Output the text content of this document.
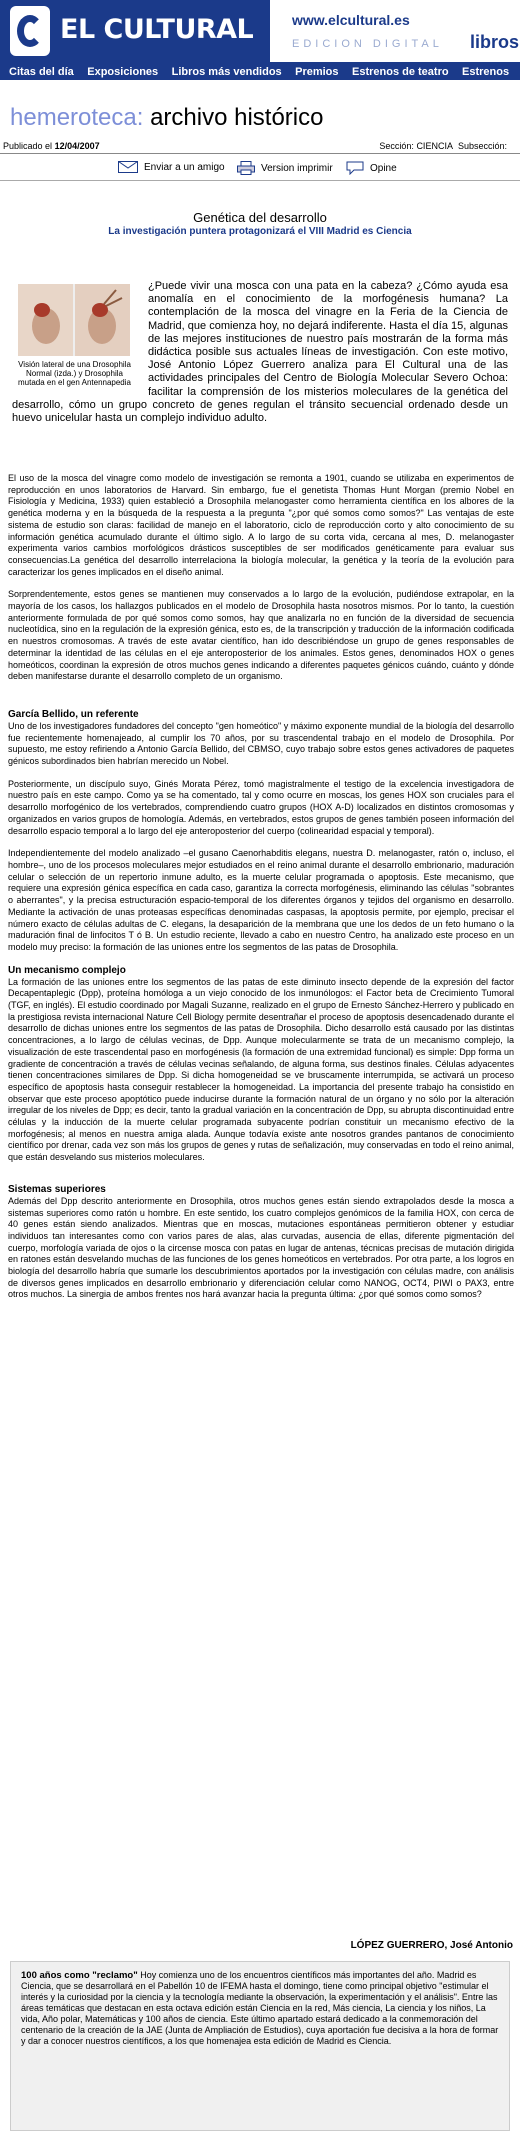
EL CULTURAL	www.elcultural.es
EDICION DIGITAL libros
Citas del día Exposiciones Libros más vendidos Premios Estrenos de teatro Estrenos
hemeroteca: archivo histórico
Publicado el 12/04/2007	Sección: CIENCIA Subsección:
Enviar a un amigo	Version imprimir	Opine
Genética del desarrollo
La investigación puntera protagonizará el VIII Madrid es Ciencia
¿Puede vivir una mosca con una pata en la cabeza? ¿Cómo ayuda esa anomalía en el conocimiento de la morfogénesis humana? La contemplación de la mosca del vinagre en la Feria de la Ciencia de Madrid, que comienza hoy, no dejará indiferente. Hasta el día 15, algunas de las mejores instituciones de nuestro país mostrarán de la forma más didáctica posible sus actuales líneas de investigación. Con este motivo, José Antonio López Guerrero analiza para El Cultural una de las actividades principales del Centro de Biología Molecular Severo Ochoa: facilitar la comprensión de los misterios moleculares de la genética del desarrollo, cómo un grupo concreto de genes regulan el tránsito secuencial ordenado desde un huevo unicelular hasta un complejo individuo adulto.
Visión lateral de una Drosophila Normal (izda.) y Drosophila mutada en el gen Antennapedia

El uso de la mosca del vinagre como modelo de investigación se remonta a 1901, cuando se utilizaba en experimentos de reproducción en unos laboratorios de Harvard. Sin embargo, fue el genetista Thomas Hunt Morgan (premio Nobel en Fisiología y Medicina, 1933) quien estableció a Drosophila melanogaster como herramienta científica en los albores de la genética moderna y en la búsqueda de la respuesta a la pregunta "¿por qué somos como somos?" Las ventajas de este sistema de estudio son claras: facilidad de manejo en el laboratorio, ciclo de reproducción corto y alto conocimiento de su información genética acumulado durante el último siglo. A lo largo de su corta vida, cercana al mes, D. melanogaster experimenta varios cambios morfológicos drásticos susceptibles de ser modificados genéticamente para evaluar sus consecuencias.La genética del desarrollo interrelaciona la biología molecular, la genética y la teoría de la evolución para caracterizar los genes implicados en el diseño animal.

Sorprendentemente, estos genes se mantienen muy conservados a lo largo de la evolución, pudiéndose extrapolar, en la mayoría de los casos, los hallazgos publicados en el modelo de Drosophila hasta nosotros mismos. Por lo tanto, la cuestión anteriormente formulada de por qué somos como somos, hay que analizarla no en función de la diversidad de secuencia nucleotídica, sino en la regulación de la expresión génica, esto es, de la transcripción y traducción de la información codificada en nuestros cromosomas. A través de este avatar científico, han ido describiéndose un grupo de genes responsables de determinar la identidad de las células en el eje anteroposterior de los animales. Estos genes, denominados HOX o genes homeóticos, coordinan la expresión de otros muchos genes indicando a diferentes paquetes génicos cuándo, cuánto y dónde deben manifestarse durante el desarrollo completo de un organismo.

García Bellido, un referente

Uno de los investigadores fundadores del concepto "gen homeótico" y máximo exponente mundial de la biología del desarrollo fue recientemente homenajeado, al cumplir los 70 años, por su trascendental trabajo en el modelo de Drosophila. Por supuesto, me estoy refiriendo a Antonio García Bellido, del CBMSO, cuyo trabajo sobre estos genes activadores de paquetes génicos subordinados bien habrían merecido un Nobel.

Posteriormente, un discípulo suyo, Ginés Morata Pérez, tomó magistralmente el testigo de la excelencia investigadora de nuestro país en este campo. Como ya se ha comentado, tal y como ocurre en moscas, los genes HOX son cruciales para el desarrollo morfogénico de los vertebrados, comprendiendo cuatro grupos (HOX A-D) localizados en distintos cromosomas y organizados en varios grupos de homología. Además, en vertebrados, estos grupos de genes también poseen información del desarrollo espacio temporal a lo largo del eje anteroposterior del cuerpo (colinearidad espacial y temporal).

Independientemente del modelo analizado –el gusano Caenorhabditis elegans, nuestra D. melanogaster, ratón o, incluso, el hombre–, uno de los procesos moleculares mejor estudiados en el reino animal durante el desarrollo embrionario, maduración celular o selección de un repertorio inmune adulto, es la muerte celular programada o apoptosis. Este mecanismo, que requiere una expresión génica específica en cada caso, garantiza la correcta morfogénesis, eliminando las células "sobrantes o aberrantes", y la precisa estructuración espacio-temporal de los diferentes órganos y tejidos del organismo en desarrollo. Mediante la activación de unas proteasas específicas denominadas caspasas, la apoptosis permite, por ejemplo, precisar el número exacto de células adultas de C. elegans, la desaparición de la membrana que une los dedos de un feto humano o la maduración final de linfocitos T ó B. Un estudio reciente, llevado a cabo en nuestro Centro, ha analizado este proceso en un modelo muy preciso: la formación de las uniones entre los segmentos de las patas de Drosophila.

Un mecanismo complejo

La formación de las uniones entre los segmentos de las patas de este diminuto insecto depende de la expresión del factor Decapentaplegic (Dpp), proteína homóloga a un viejo conocido de los inmunólogos: el Factor beta de Crecimiento Tumoral (TGF, en inglés). El estudio coordinado por Magali Suzanne, realizado en el grupo de Ernesto Sánchez-Herrero y publicado en la prestigiosa revista internacional Nature Cell Biology permite desentrañar el proceso de apoptosis desencadenado durante el desarrollo de dichas uniones entre los segmentos de las patas de Drosophila. Dicho desarrollo está causado por las distintas concentraciones, a lo largo de células vecinas, de Dpp. Aunque molecularmente se trata de un mecanismo complejo, la visualización de este trascendental paso en morfogénesis (la formación de una extremidad funcional) es simple: Dpp forma un gradiente de concentración a través de células vecinas señalando, de alguna forma, sus destinos finales. Células adyacentes tienen concentraciones similares de Dpp. Si dicha homogeneidad se ve bruscamente interrumpida, se activará un proceso específico de apoptosis hasta conseguir restablecer la homogeneidad. La importancia del presente trabajo ha consistido en observar que este proceso apoptótico puede inducirse durante la formación natural de un órgano y no sólo por la alteración irregular de los niveles de Dpp; es decir, tanto la gradual variación en la concentración de Dpp, su abrupta discontinuidad entre células y la inducción de la muerte celular programada subyacente podrían constituir un mecanismo efectivo de la morfogénesis; al menos en nuestra amiga alada. Aunque todavía existe ante nosotros grandes pantanos de conocimiento científico por drenar, cada vez son más los grupos de genes y rutas de señalización, muy conservadas en todo el reino animal, que están desvelando sus misterios moleculares.

Sistemas superiores

Además del Dpp descrito anteriormente en Drosophila, otros muchos genes están siendo extrapolados desde la mosca a sistemas superiores como ratón u hombre. En este sentido, los cuatro complejos genómicos de la familia HOX, con cerca de 40 genes están siendo analizados. Mientras que en moscas, mutaciones espontáneas permitieron obtener y estudiar individuos tan interesantes como con varios pares de alas, alas curvadas, ausencia de ellas, diferente pigmentación del cuerpo, morfología variada de ojos o la circense mosca con patas en lugar de antenas, técnicas precisas de mutación dirigida en ratones están desvelando muchas de las funciones de los genes homeóticos en vertebrados. Por otra parte, a los logros en biología del desarrollo habría que sumarle los descubrimientos aportados por la investigación con células madre, con análisis de diversos genes implicados en desarrollo embrionario y diferenciación celular como NANOG, OCT4, PIWI o PAX3, entre otros muchos. La sinergia de ambos frentes nos hará avanzar hacia la pregunta última: ¿por qué somos como somos?

LÓPEZ GUERRERO, José Antonio
100 años como "reclamo" Hoy comienza uno de los encuentros científicos más importantes del año. Madrid es Ciencia, que se desarrollará en el Pabellón 10 de IFEMA hasta el domingo, tiene como principal objetivo "estimular el interés y la curiosidad por la ciencia y la tecnología mediante la observación, la experimentación y el análisis". Entre las áreas temáticas que destacan en esta octava edición están Ciencia en la red, Más ciencia, La ciencia y los niños, La vida, Año polar, Matemáticas y 100 años de ciencia. Este último apartado estará dedicado a la conmemoración del centenario de la creación de la JAE (Junta de Ampliación de Estudios), cuya aportación fue decisiva a la hora de formar y dar a conocer nuestros científicos, a los que homenajea esta edición de Madrid es Ciencia.
